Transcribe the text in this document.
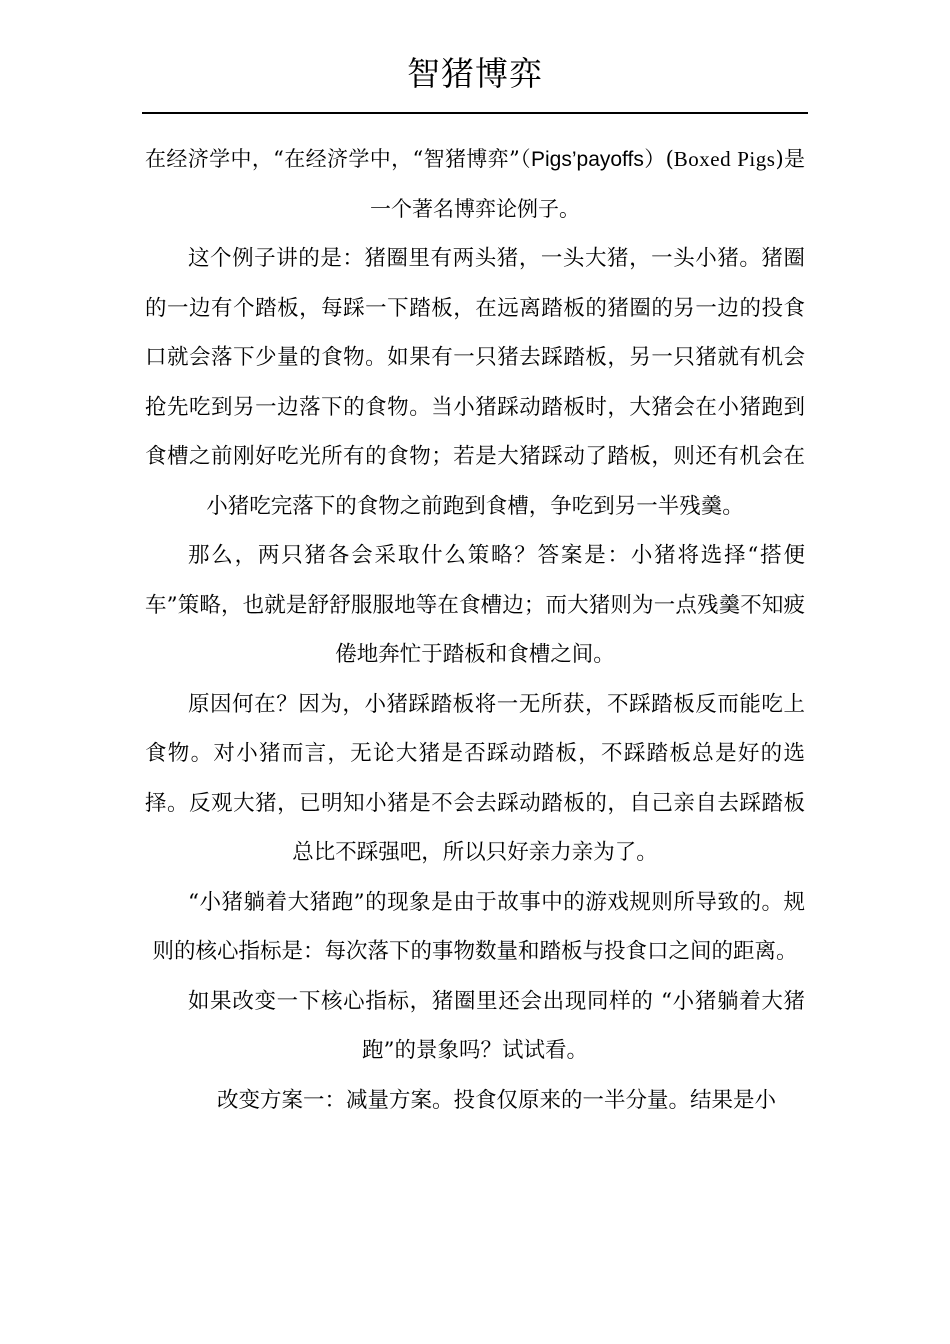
智猪博弈

在经济学中，“在经济学中，“智猪博弈”（Pigs’payoffs）(Boxed Pigs)是一个著名博弈论例子。

这个例子讲的是：猪圈里有两头猪，一头大猪，一头小猪。猪圈的一边有个踏板，每踩一下踏板，在远离踏板的猪圈的另一边的投食口就会落下少量的食物。如果有一只猪去踩踏板，另一只猪就有机会抢先吃到另一边落下的食物。当小猪踩动踏板时，大猪会在小猪跑到食槽之前刚好吃光所有的食物；若是大猪踩动了踏板，则还有机会在小猪吃完落下的食物之前跑到食槽，争吃到另一半残羹。

那么，两只猪各会采取什么策略？答案是：小猪将选择“搭便车”策略，也就是舒舒服服地等在食槽边；而大猪则为一点残羹不知疲倦地奔忙于踏板和食槽之间。

原因何在？因为，小猪踩踏板将一无所获，不踩踏板反而能吃上食物。对小猪而言，无论大猪是否踩动踏板，不踩踏板总是好的选择。反观大猪，已明知小猪是不会去踩动踏板的，自己亲自去踩踏板总比不踩强吧，所以只好亲力亲为了。

“小猪躺着大猪跑”的现象是由于故事中的游戏规则所导致的。规则的核心指标是：每次落下的事物数量和踏板与投食口之间的距离。

如果改变一下核心指标，猪圈里还会出现同样的 “小猪躺着大猪跑”的景象吗？试试看。

改变方案一：减量方案。投食仅原来的一半分量。结果是小
